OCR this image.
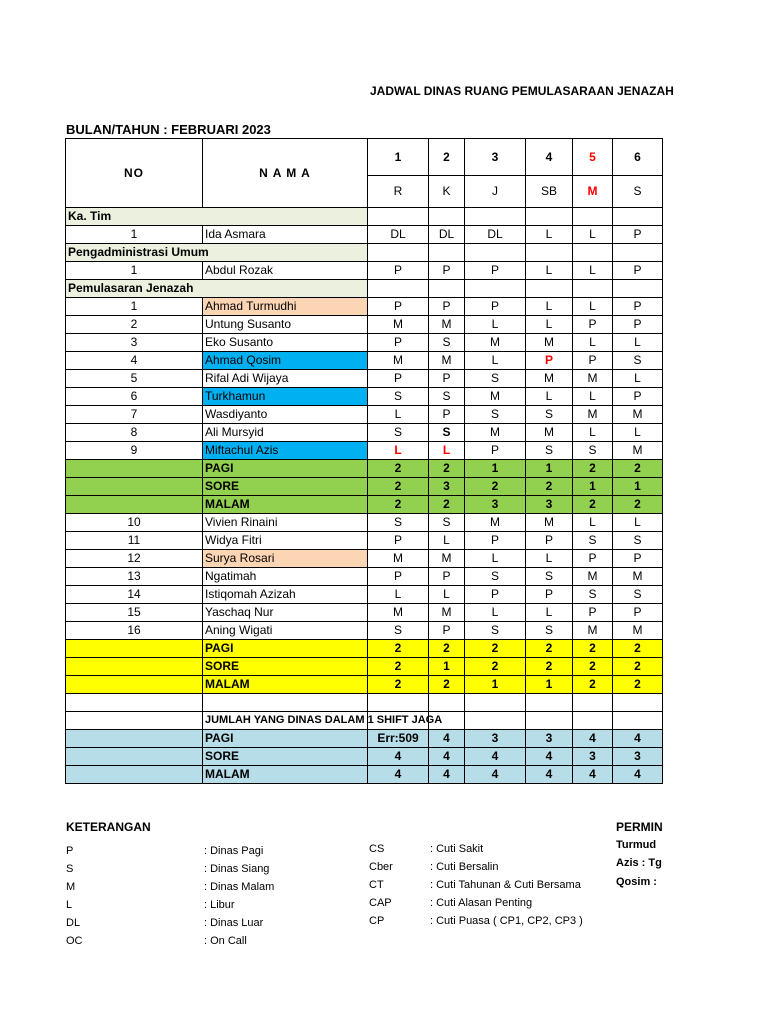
JADWAL DINAS RUANG PEMULASARAAN JENAZAH
BULAN/TAHUN : FEBRUARI 2023
NO	N A M A	1	2	3	4	5	6
		R	K	J	SB	M	S
Ka. Tim							
1	Ida Asmara	DL	DL	DL	L	L	P
Pengadministrasi Umum							
1	Abdul Rozak	P	P	P	L	L	P
Pemulasaran Jenazah							
1	Ahmad Turmudhi	P	P	P	L	L	P
2	Untung Susanto	M	M	L	L	P	P
3	Eko Susanto	P	S	M	M	L	L
4	Ahmad Qosim	M	M	L	P	P	S
5	Rifal Adi Wijaya	P	P	S	M	M	L
6	Turkhamun	S	S	M	L	L	P
7	Wasdiyanto	L	P	S	S	M	M
8	Ali Mursyid	S	S	M	M	L	L
9	Miftachul Azis	L	L	P	S	S	M
	PAGI	2	2	1	1	2	2
	SORE	2	3	2	2	1	1
	MALAM	2	2	3	3	2	2
10	Vivien Rinaini	S	S	M	M	L	L
11	Widya Fitri	P	L	P	P	S	S
12	Surya Rosari	M	M	L	L	P	P
13	Ngatimah	P	P	S	S	M	M
14	Istiqomah Azizah	L	L	P	P	S	S
15	Yaschaq Nur	M	M	L	L	P	P
16	Aning Wigati	S	P	S	S	M	M
	PAGI	2	2	2	2	2	2
	SORE	2	1	2	2	2	2
	MALAM	2	2	1	1	2	2

	JUMLAH YANG DINAS DALAM 1 SHIFT JAGA						
	PAGI	Err:509	4	3	3	4	4
	SORE	4	4	4	4	3	3
	MALAM	4	4	4	4	4	4
KETERANGAN
P	: Dinas Pagi
S	: Dinas Siang
M	: Dinas Malam
L	: Libur
DL	: Dinas Luar
OC	: On Call
CS	: Cuti Sakit
Cber	: Cuti Bersalin
CT	: Cuti Tahunan & Cuti Bersama
CAP	: Cuti Alasan Penting
CP	: Cuti Puasa ( CP1, CP2, CP3 )
PERMIN
Turmud
Azis : Tg
Qosim :
